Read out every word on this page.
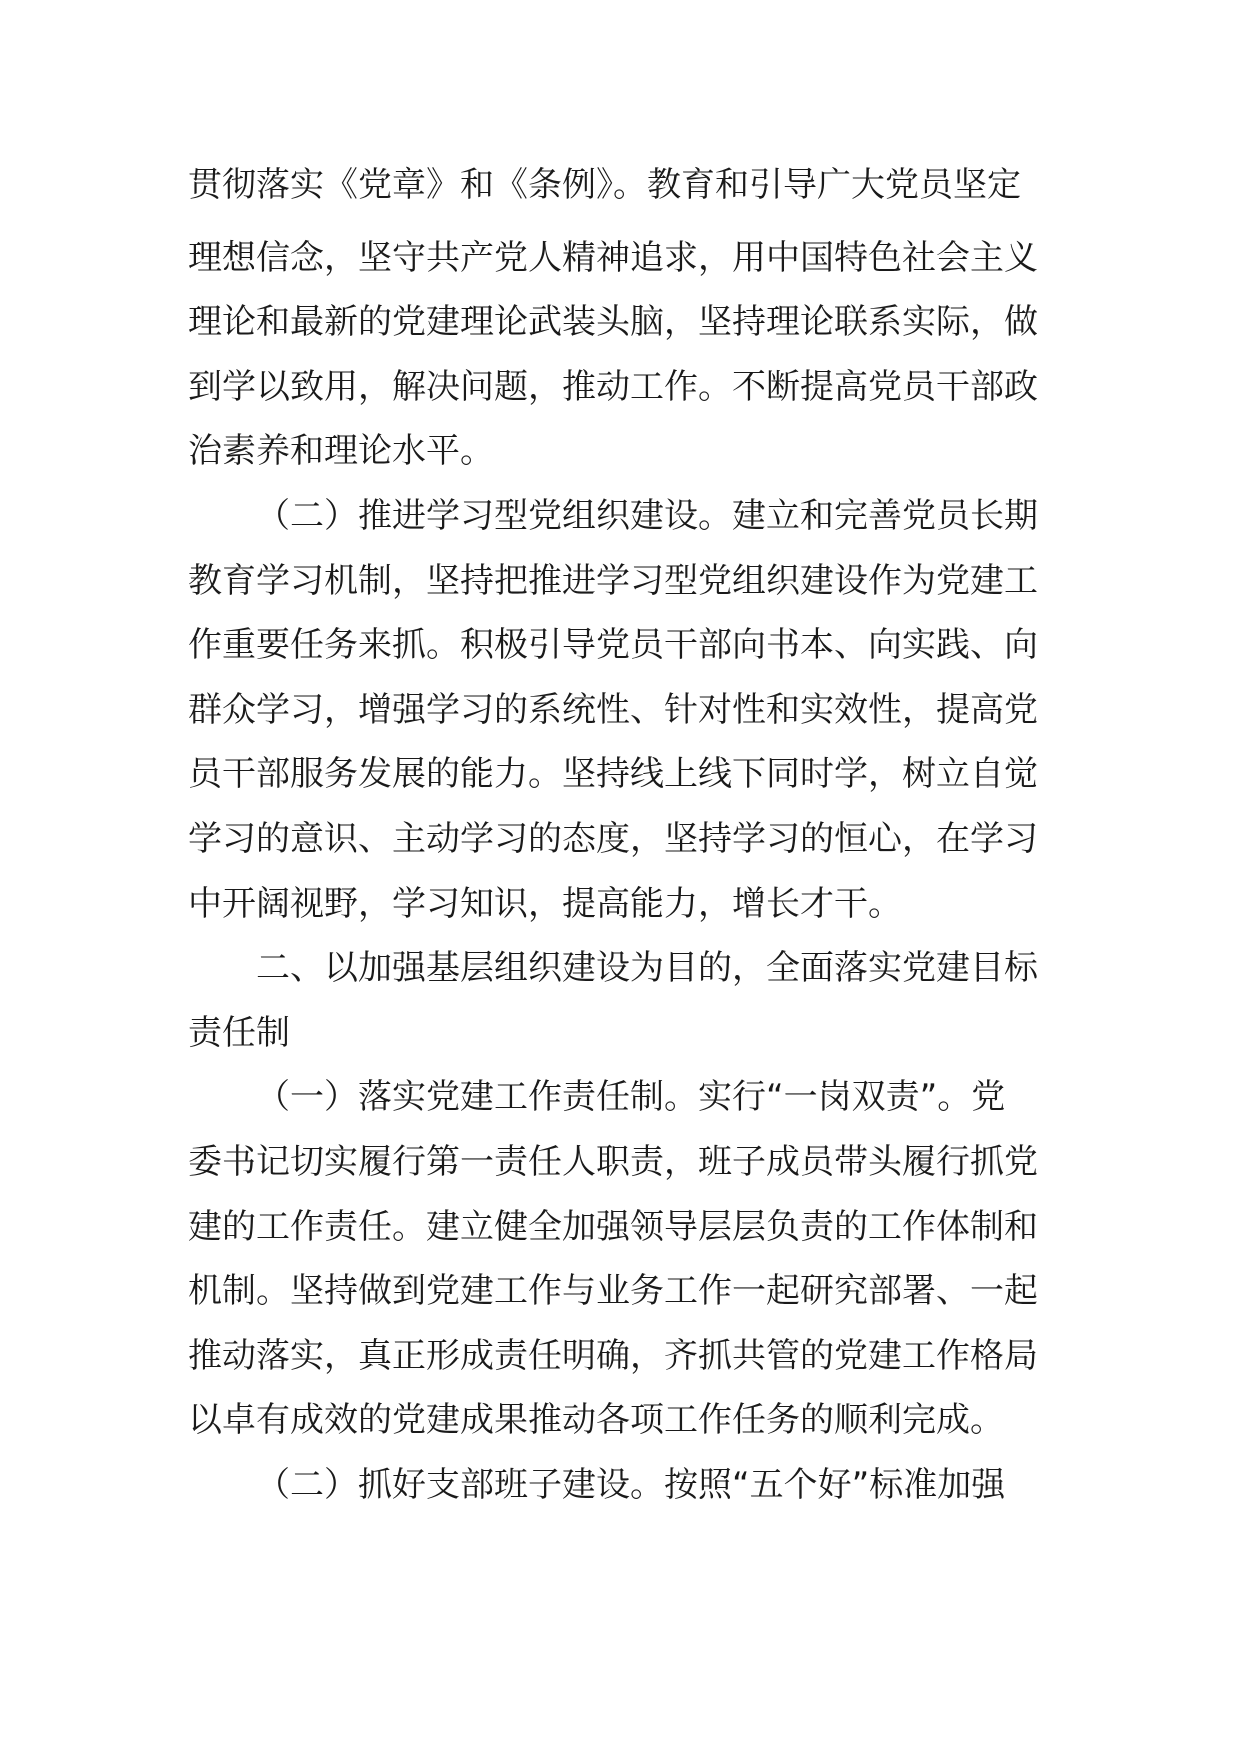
贯彻落实《党章》和《条例》。教育和引导广大党员坚定
理想信念，坚守共产党人精神追求，用中国特色社会主义
理论和最新的党建理论武装头脑，坚持理论联系实际，做
到学以致用，解决问题，推动工作。不断提高党员干部政
治素养和理论水平。
（二）推进学习型党组织建设。建立和完善党员长期
教育学习机制，坚持把推进学习型党组织建设作为党建工
作重要任务来抓。积极引导党员干部向书本、向实践、向
群众学习，增强学习的系统性、针对性和实效性，提高党
员干部服务发展的能力。坚持线上线下同时学，树立自觉
学习的意识、主动学习的态度，坚持学习的恒心，在学习
中开阔视野，学习知识，提高能力，增长才干。
二、以加强基层组织建设为目的，全面落实党建目标
责任制
（一）落实党建工作责任制。实行“一岗双责”。党
委书记切实履行第一责任人职责，班子成员带头履行抓党
建的工作责任。建立健全加强领导层层负责的工作体制和
机制。坚持做到党建工作与业务工作一起研究部署、一起
推动落实，真正形成责任明确，齐抓共管的党建工作格局
以卓有成效的党建成果推动各项工作任务的顺利完成。
（二）抓好支部班子建设。按照“五个好”标准加强
